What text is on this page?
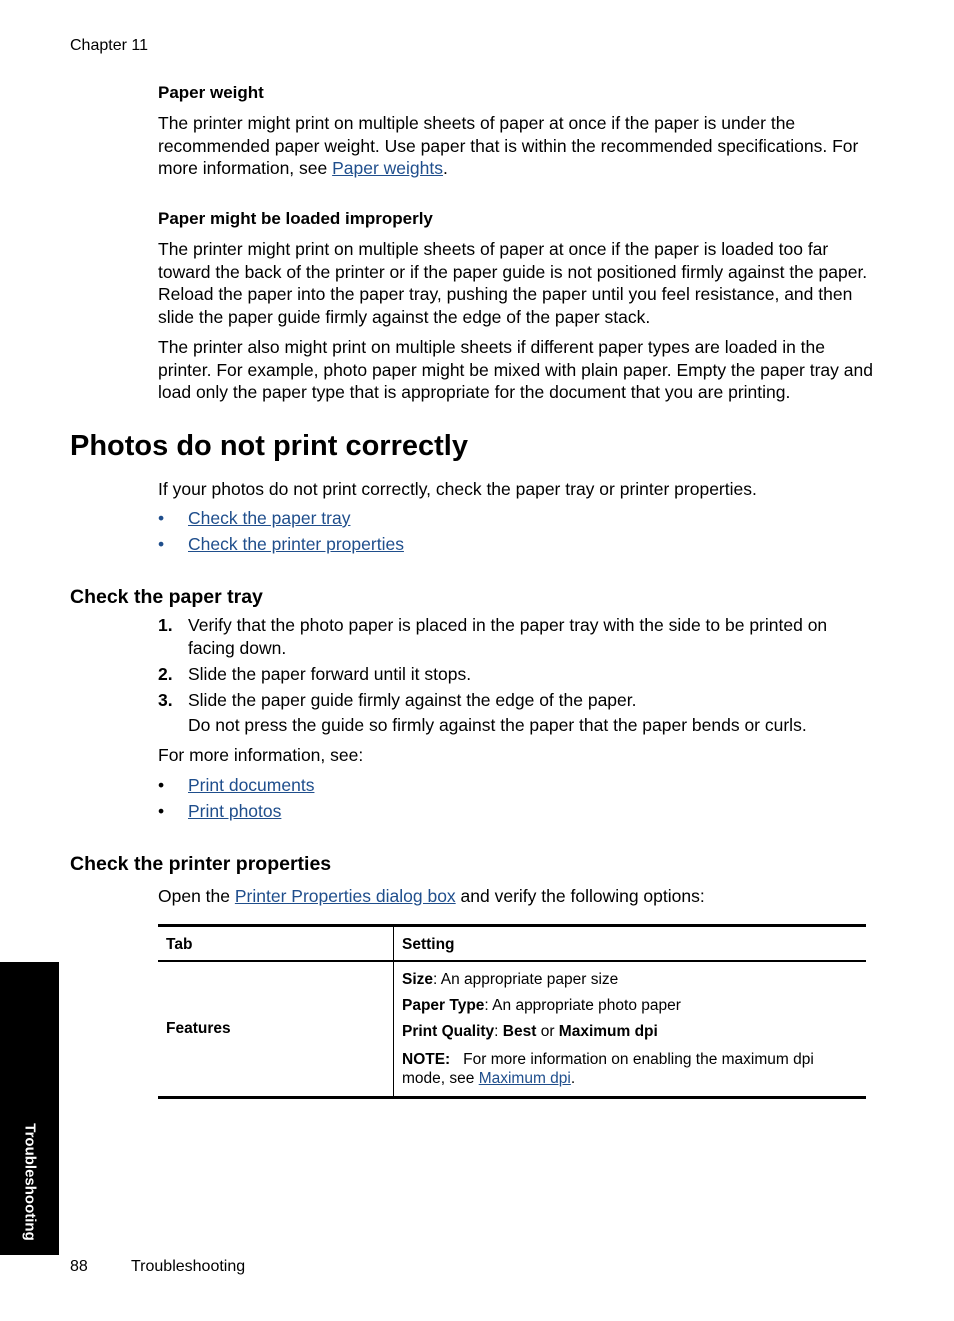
Chapter 11
Paper weight
The printer might print on multiple sheets of paper at once if the paper is under the recommended paper weight. Use paper that is within the recommended specifications. For more information, see Paper weights.
Paper might be loaded improperly
The printer might print on multiple sheets of paper at once if the paper is loaded too far toward the back of the printer or if the paper guide is not positioned firmly against the paper. Reload the paper into the paper tray, pushing the paper until you feel resistance, and then slide the paper guide firmly against the edge of the paper stack.
The printer also might print on multiple sheets if different paper types are loaded in the printer. For example, photo paper might be mixed with plain paper. Empty the paper tray and load only the paper type that is appropriate for the document that you are printing.
Photos do not print correctly
If your photos do not print correctly, check the paper tray or printer properties.
•	Check the paper tray
•	Check the printer properties
Check the paper tray
1. Verify that the photo paper is placed in the paper tray with the side to be printed on facing down.
2. Slide the paper forward until it stops.
3. Slide the paper guide firmly against the edge of the paper.
Do not press the guide so firmly against the paper that the paper bends or curls.
For more information, see:
•	Print documents
•	Print photos
Check the printer properties
Open the Printer Properties dialog box and verify the following options:
Tab	Setting
Features	Size: An appropriate paper size
Paper Type: An appropriate photo paper
Print Quality: Best or Maximum dpi
NOTE: For more information on enabling the maximum dpi mode, see Maximum dpi.
Troubleshooting
88	Troubleshooting
